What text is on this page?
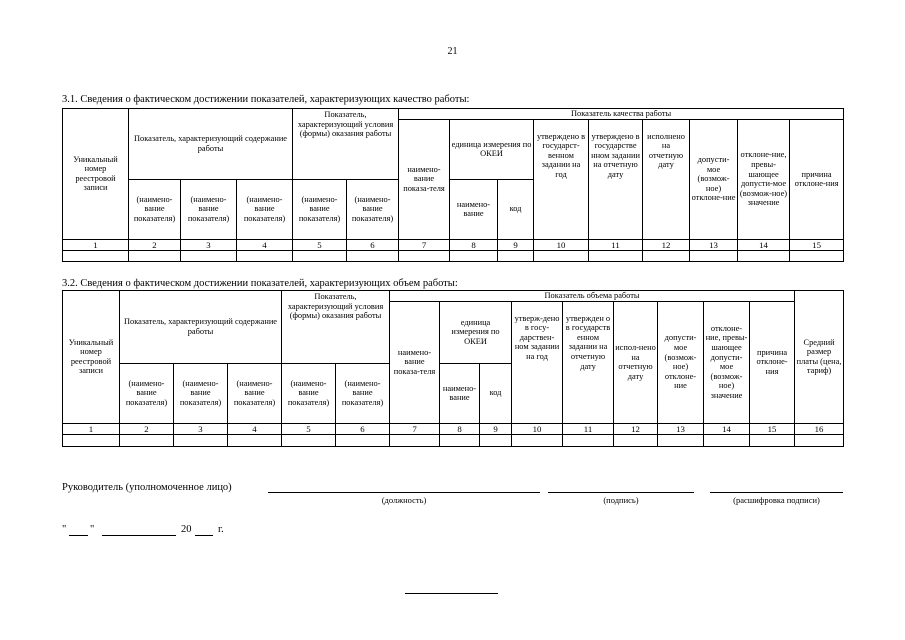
21
3.1. Сведения о фактическом достижении показателей, характеризующих качество работы:
Уникальный номер реестровой записи	Показатель, характеризующий содержание работы			Показатель, характеризующий условия (формы) оказания работы		Показатель качества работы								
						наимено-вание показа-теля	единица измерения по ОКЕИ		утверждено в государст-венном задании на год	утверждено в государстве нном задании на отчетную дату	исполнено на отчетную дату	допусти-мое (возмож-ное) отклоне-ние	отклоне-ние, превы-шающее допусти-мое (возмож-ное) значение	причина отклоне-ния
	(наимено-вание показателя)	(наимено-вание показателя)	(наимено-вание показателя)	(наимено-вание показателя)	(наимено-вание показателя)		наимено-вание	код						
1	2	3	4	5	6	7	8	9	10	11	12	13	14	15

3.2. Сведения о фактическом достижении показателей, характеризующих объем работы:
Уникальный номер реестровой записи	Показатель, характеризующий содержание работы			Показатель, характеризующий условия (формы) оказания работы		Показатель объема работы									Средний размер платы (цена, тариф)
						наимено-вание показа-теля	единица измерения по ОКЕИ		утверж-дено в госу-дарствен-ном задании на год	утвержден о в государств енном задании на отчетную дату	испол-нено на отчетную дату	допусти-мое (возмож-ное) отклоне-ние	отклоне-ние, превы-шающее допусти-мое (возмож-ное) значение	причина отклоне-ния	
	(наимено-вание показателя)	(наимено-вание показателя)	(наимено-вание показателя)	(наимено-вание показателя)	(наимено-вание показателя)		наимено-вание	код							
1	2	3	4	5	6	7	8	9	10	11	12	13	14	15	16

Руководитель (уполномоченное лицо)
(должность)	(подпись)	(расшифровка подписи)
" "	20	г.
